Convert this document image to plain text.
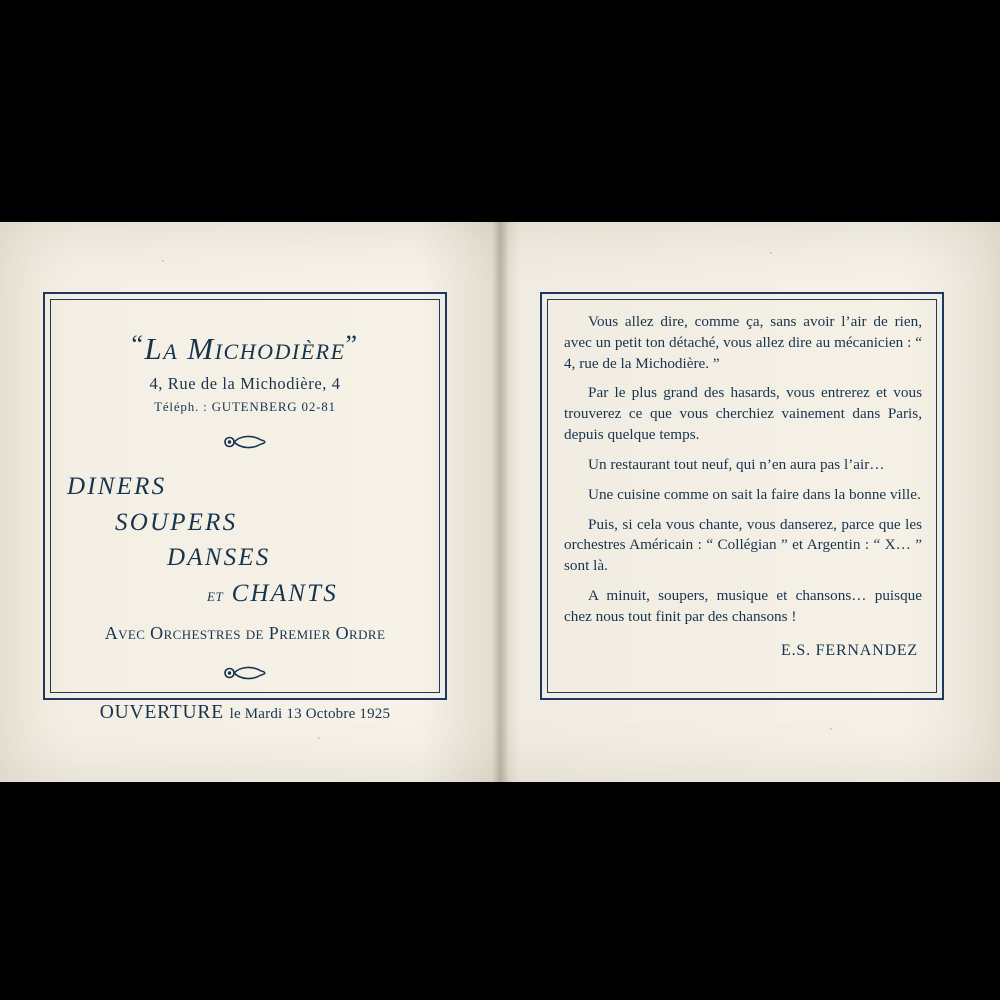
“La Michodière”
4, Rue de la Michodière, 4
Téléph. : GUTENBERG 02-81
DINERS
SOUPERS
DANSES
et CHANTS
Avec Orchestres de Premier Ordre
OUVERTURE le Mardi 13 Octobre 1925

Vous allez dire, comme ça, sans avoir l’air de rien, avec un petit ton détaché, vous allez dire au mécanicien : “ 4, rue de la Michodière. ”

Par le plus grand des hasards, vous entrerez et vous trouverez ce que vous cherchiez vainement dans Paris, depuis quelque temps.

Un restaurant tout neuf, qui n’en aura pas l’air…

Une cuisine comme on sait la faire dans la bonne ville.

Puis, si cela vous chante, vous danserez, parce que les orchestres Américain : “ Collégian ” et Argentin : “ X… ” sont là.

A minuit, soupers, musique et chansons… puisque chez nous tout finit par des chansons !

E.S. FERNANDEZ
